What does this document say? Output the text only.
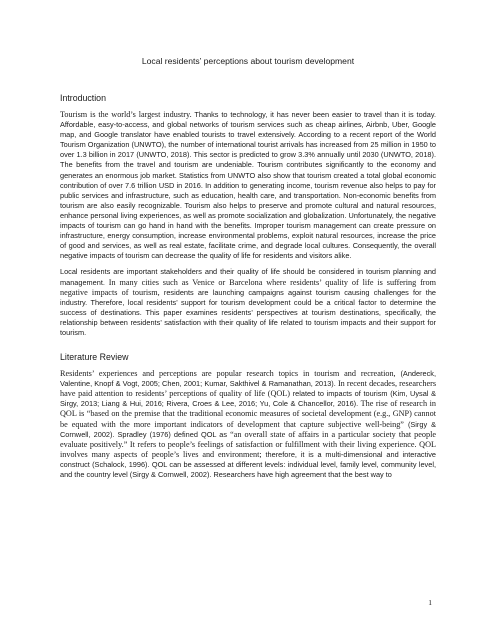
Local residents’ perceptions about tourism development
Introduction

Tourism is the world’s largest industry. Thanks to technology, it has never been easier to travel than it is today. Affordable, easy-to-access, and global networks of tourism services such as cheap airlines, Airbnb, Uber, Google map, and Google translator have enabled tourists to travel extensively. According to a recent report of the World Tourism Organization (UNWTO), the number of international tourist arrivals has increased from 25 million in 1950 to over 1.3 billion in 2017 (UNWTO, 2018). This sector is predicted to grow 3.3% annually until 2030 (UNWTO, 2018). The benefits from the travel and tourism are undeniable. Tourism contributes significantly to the economy and generates an enormous job market. Statistics from UNWTO also show that tourism created a total global economic contribution of over 7.6 trillion USD in 2016. In addition to generating income, tourism revenue also helps to pay for public services and infrastructure, such as education, health care, and transportation. Non-economic benefits from tourism are also easily recognizable. Tourism also helps to preserve and promote cultural and natural resources, enhance personal living experiences, as well as promote socialization and globalization. Unfortunately, the negative impacts of tourism can go hand in hand with the benefits. Improper tourism management can create pressure on infrastructure, energy consumption, increase environmental problems, exploit natural resources, increase the price of good and services, as well as real estate, facilitate crime, and degrade local cultures. Consequently, the overall negative impacts of tourism can decrease the quality of life for residents and visitors alike.

Local residents are important stakeholders and their quality of life should be considered in tourism planning and management. In many cities such as Venice or Barcelona where residents’ quality of life is suffering from negative impacts of tourism, residents are launching campaigns against tourism causing challenges for the industry. Therefore, local residents’ support for tourism development could be a critical factor to determine the success of destinations. This paper examines residents’ perspectives at tourism destinations, specifically, the relationship between residents’ satisfaction with their quality of life related to tourism impacts and their support for tourism.

Literature Review

Residents’ experiences and perceptions are popular research topics in tourism and recreation, (Andereck, Valentine, Knopf & Vogt, 2005; Chen, 2001; Kumar, Sakthivel & Ramanathan, 2013). In recent decades, researchers have paid attention to residents’ perceptions of quality of life (QOL) related to impacts of tourism (Kim, Uysal & Sirgy, 2013; Liang & Hui, 2016; Rivera, Croes & Lee, 2016; Yu, Cole & Chancellor, 2016). The rise of research in QOL is “based on the premise that the traditional economic measures of societal development (e.g., GNP) cannot be equated with the more important indicators of development that capture subjective well-being” (Sirgy & Cornwell, 2002). Spradley (1976) defined QOL as “an overall state of affairs in a particular society that people evaluate positively.” It refers to people’s feelings of satisfaction or fulfillment with their living experience. QOL involves many aspects of people’s lives and environment; therefore, it is a multi-dimensional and interactive construct (Schalock, 1996). QOL can be assessed at different levels: individual level, family level, community level, and the country level (Sirgy & Cornwell, 2002). Researchers have high agreement that the best way to

1
